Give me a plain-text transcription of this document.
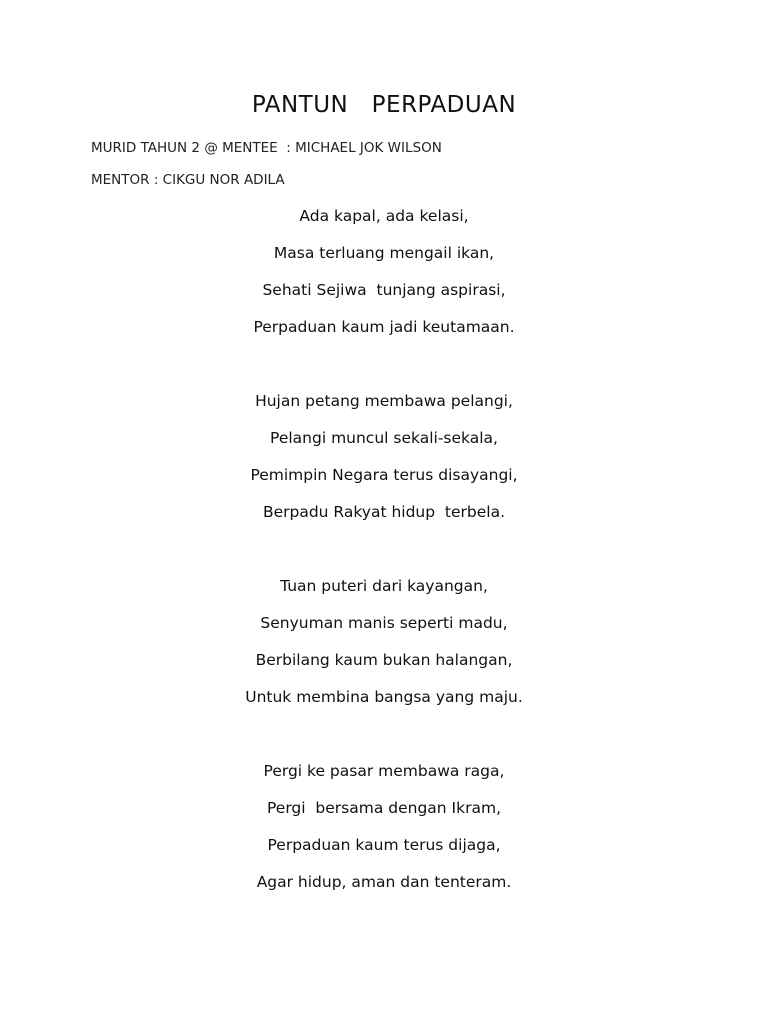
PANTUN   PERPADUAN
MURID TAHUN 2 @ MENTEE  : MICHAEL JOK WILSON
MENTOR : CIKGU NOR ADILA
Ada kapal, ada kelasi,
Masa terluang mengail ikan,
Sehati Sejiwa  tunjang aspirasi,
Perpaduan kaum jadi keutamaan.
Hujan petang membawa pelangi,
Pelangi muncul sekali-sekala,
Pemimpin Negara terus disayangi,
Berpadu Rakyat hidup  terbela.
Tuan puteri dari kayangan,
Senyuman manis seperti madu,
Berbilang kaum bukan halangan,
Untuk membina bangsa yang maju.
Pergi ke pasar membawa raga,
Pergi  bersama dengan Ikram,
Perpaduan kaum terus dijaga,
Agar hidup, aman dan tenteram.
